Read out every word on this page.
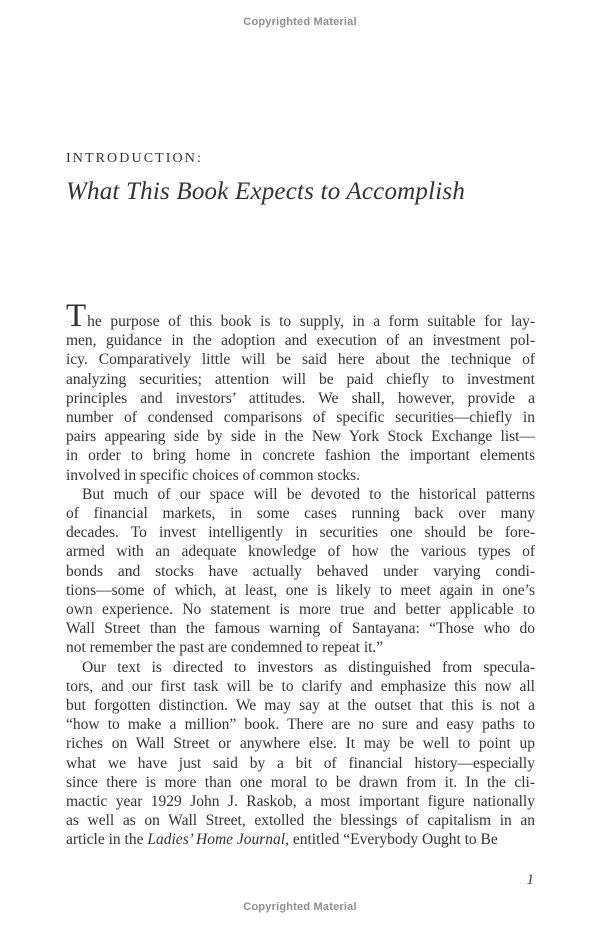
Copyrighted Material
INTRODUCTION:
What This Book Expects to Accomplish
The purpose of this book is to supply, in a form suitable for lay-
men, guidance in the adoption and execution of an investment pol-
icy. Comparatively little will be said here about the technique of
analyzing securities; attention will be paid chiefly to investment
principles and investors’ attitudes. We shall, however, provide a
number of condensed comparisons of specific securities—chiefly in
pairs appearing side by side in the New York Stock Exchange list—
in order to bring home in concrete fashion the important elements
involved in specific choices of common stocks.
But much of our space will be devoted to the historical patterns
of financial markets, in some cases running back over many
decades. To invest intelligently in securities one should be fore-
armed with an adequate knowledge of how the various types of
bonds and stocks have actually behaved under varying condi-
tions—some of which, at least, one is likely to meet again in one’s
own experience. No statement is more true and better applicable to
Wall Street than the famous warning of Santayana: “Those who do
not remember the past are condemned to repeat it.”
Our text is directed to investors as distinguished from specula-
tors, and our first task will be to clarify and emphasize this now all
but forgotten distinction. We may say at the outset that this is not a
“how to make a million” book. There are no sure and easy paths to
riches on Wall Street or anywhere else. It may be well to point up
what we have just said by a bit of financial history—especially
since there is more than one moral to be drawn from it. In the cli-
mactic year 1929 John J. Raskob, a most important figure nationally
as well as on Wall Street, extolled the blessings of capitalism in an
article in the Ladies’ Home Journal, entitled “Everybody Ought to Be
1
Copyrighted Material
